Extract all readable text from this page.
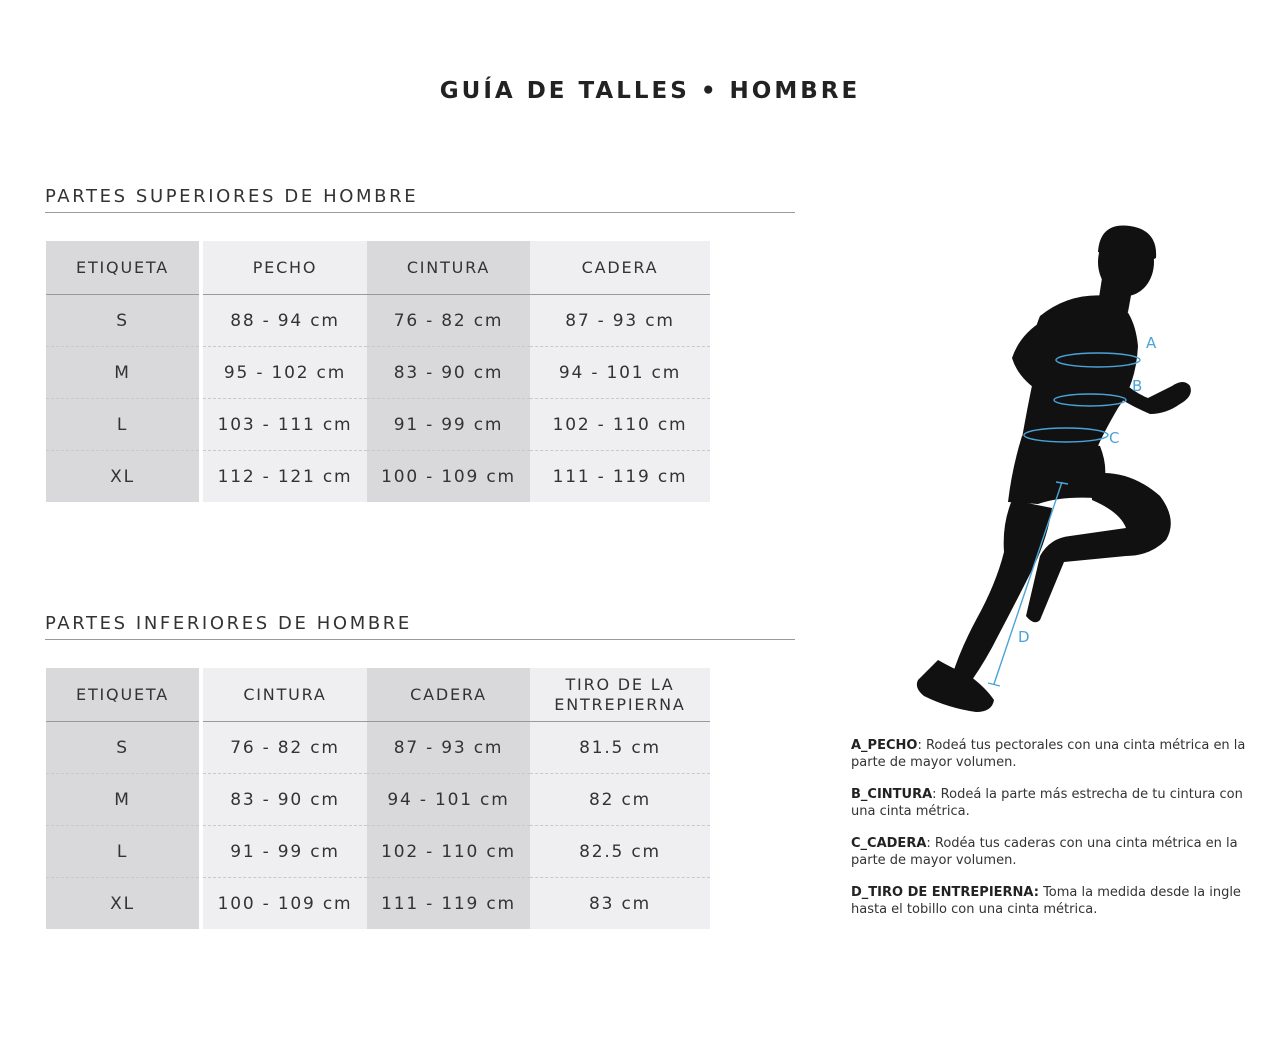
GUÍA DE TALLES • HOMBRE
PARTES SUPERIORES DE HOMBRE
ETIQUETA	PECHO	CINTURA	CADERA
S	88 - 94 cm	76 - 82 cm	87 - 93 cm
M	95 - 102 cm	83 - 90 cm	94 - 101 cm
L	103 - 111 cm	91 - 99 cm	102 - 110 cm
XL	112 - 121 cm	100 - 109 cm	111 - 119 cm
PARTES INFERIORES DE HOMBRE
ETIQUETA	CINTURA	CADERA	TIRO DE LA ENTREPIERNA
S	76 - 82 cm	87 - 93 cm	81.5 cm
M	83 - 90 cm	94 - 101 cm	82 cm
L	91 - 99 cm	102 - 110 cm	82.5 cm
XL	100 - 109 cm	111 - 119 cm	83 cm
A
B
C
D

A_PECHO: Rodeá tus pectorales con una cinta métrica en la parte de mayor volumen.

B_CINTURA: Rodeá la parte más estrecha de tu cintura con una cinta métrica.

C_CADERA: Rodéa tus caderas con una cinta métrica en la parte de mayor volumen.

D_TIRO DE ENTREPIERNA: Toma la medida desde la ingle hasta el tobillo con una cinta métrica.
